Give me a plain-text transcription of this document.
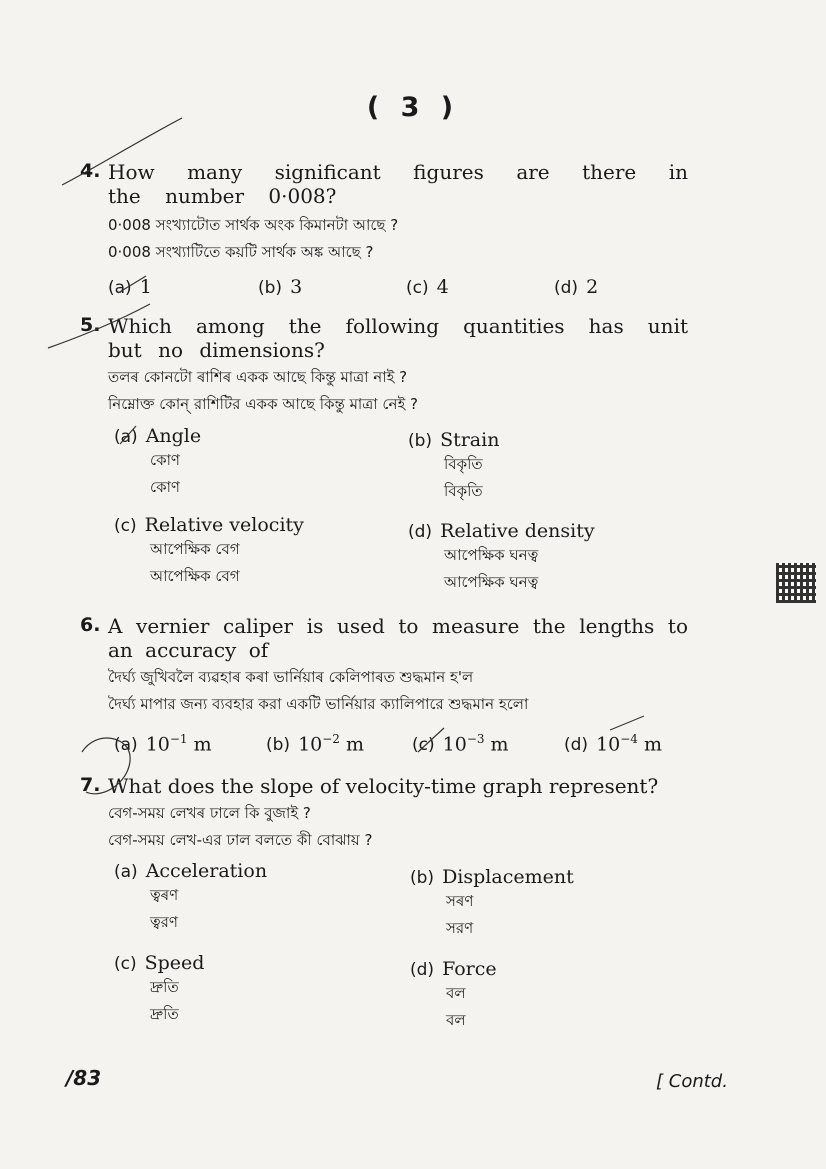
( 3 )
4. How many significant figures are there in the number 0·008?
0·008 সংখ্যাটোত সাৰ্থক অংক কিমানটা আছে ?
0·008 সংখ্যাটিতে কয়টি সার্থক অঙ্ক আছে ?
(a) 1	(b) 3	(c) 4	(d) 2
5. Which among the following quantities has unit but no dimensions?
তলৰ কোনটো ৰাশিৰ একক আছে কিন্তু মাত্ৰা নাই ?
নিম্নোক্ত কোন্ রাশিটির একক আছে কিন্তু মাত্রা নেই ?
(a) Angle
কোণ
কোণ
(b) Strain
বিকৃতি
বিকৃতি
(c) Relative velocity
আপেক্ষিক বেগ
আপেক্ষিক বেগ
(d) Relative density
আপেক্ষিক ঘনত্ব
আপেক্ষিক ঘনত্ব
6. A vernier caliper is used to measure the lengths to an accuracy of
দৈৰ্ঘ্য জুখিবলৈ ব্যৱহাৰ কৰা ভাৰ্নিয়াৰ কেলিপাৰত শুদ্ধমান হ'ল
দৈর্ঘ্য মাপার জন্য ব্যবহার করা একটি ভার্নিয়ার ক্যালিপারে শুদ্ধমান হলো
(a) $10^{-1}$ m	(b) $10^{-2}$ m	(c) $10^{-3}$ m	(d) $10^{-4}$ m
7. What does the slope of velocity-time graph represent?
বেগ-সময় লেখৰ ঢালে কি বুজাই ?
বেগ-সময় লেখ-এর ঢাল বলতে কী বোঝায় ?
(a) Acceleration
ত্বৰণ
ত্বরণ
(b) Displacement
সৰণ
সরণ
(c) Speed
দ্ৰুতি
দ্রুতি
(d) Force
বল
বল
/83	[ Contd.
